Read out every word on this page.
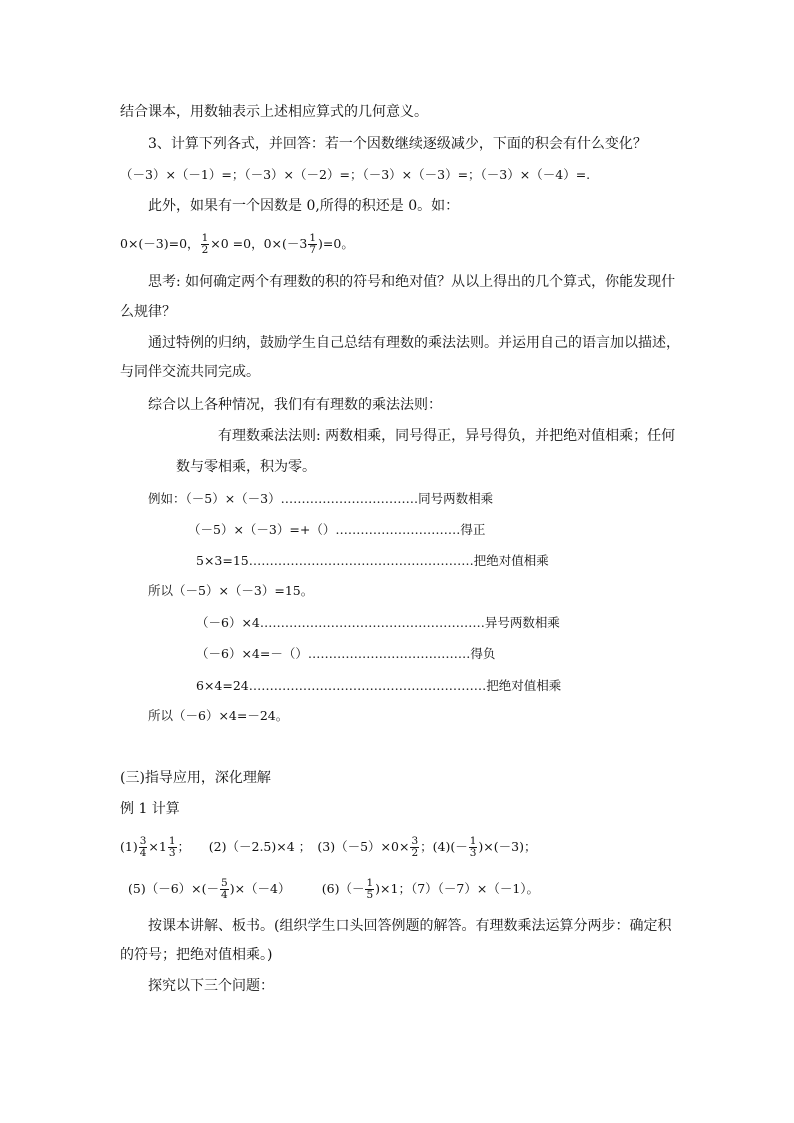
结合课本，用数轴表示上述相应算式的几何意义。
3、计算下列各式，并回答：若一个因数继续逐级减少，下面的积会有什么变化？
（－3）×（－1）=；（－3）×（－2）=；（－3）×（－3）=；（－3）×（－4）=.
此外，如果有一个因数是 0,所得的积还是 0。如：
0×(－3)=0， $\frac{1}{2} \times 0 =0$，$0\times(-3 \frac{1}{7} )=0$。
思考: 如何确定两个有理数的积的符号和绝对值？从以上得出的几个算式，你能发现什
么规律？
通过特例的归纳，鼓励学生自己总结有理数的乘法法则。并运用自己的语言加以描述，
与同伴交流共同完成。
综合以上各种情况，我们有有理数的乘法法则：
有理数乘法法则: 两数相乘，同号得正，异号得负，并把绝对值相乘；任何
数与零相乘，积为零。
例如：（－5）×（－3）……………………………同号两数相乘
（－5）×（－3）=+（）…………………………得正
5×3=15………………………………………………把绝对值相乘
所以（－5）×（－3）=15。
（－6）×4………………………………………………异号两数相乘
（－6）×4=－（）…………………………………得负
6×4=24…………………………………………………把绝对值相乘
所以（－6）×4=－24。
(三)指导应用，深化理解
例 1 计算
$(1) \frac{3}{4} \times 1 \frac{1}{3}$ ；　　(2)（－2.5)×4 ；　$(3)(-5)\times 0\times \frac{3}{2}$ ；$(4)(- \frac{1}{3} )\times(-3)$；
$(5)(-6)\times(- \frac{5}{4} )\times(-4)$　　　$(6)(- \frac{1}{5} )\times 1$；（7）（－7）×（－1）。
按课本讲解、板书。(组织学生口头回答例题的解答。有理数乘法运算分两步：确定积
的符号；把绝对值相乘。)
探究以下三个问题：
